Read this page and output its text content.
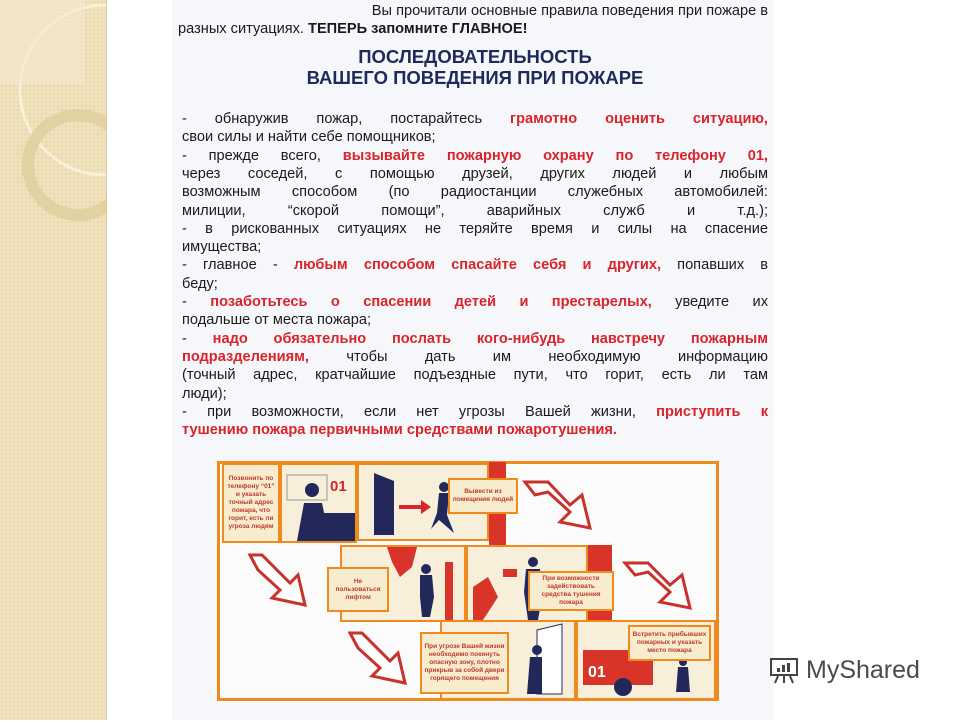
Вы прочитали основные правила поведения при пожаре в
разных ситуациях. ТЕПЕРЬ запомните ГЛАВНОЕ!
ПОСЛЕДОВАТЕЛЬНОСТЬ
ВАШЕГО ПОВЕДЕНИЯ ПРИ ПОЖАРЕ
- обнаружив пожар, постарайтесь грамотно оценить ситуацию,
свои силы и найти себе помощников;
- прежде всего, вызывайте пожарную охрану по телефону 01,
через соседей, с помощью друзей, других людей и любым
возможным способом (по радиостанции служебных автомобилей:
милиции, “скорой помощи”, аварийных служб и т.д.);
- в рискованных ситуациях не теряйте время и силы на спасение
имущества;
- главное - любым способом спасайте себя и других, попавших в
беду;
- позаботьтесь о спасении детей и престарелых, уведите их
подальше от места пожара;
- надо обязательно послать кого-нибудь навстречу пожарным
подразделениям, чтобы дать им необходимую информацию
(точный адрес, кратчайшие подъездные пути, что горит, есть ли там
люди);
- при возможности, если нет угрозы Вашей жизни, приступить к
тушению пожара первичными средствами пожаротушения.
01
01
Позвонить по телефону “01” и указать точный адрес пожара, что горит, есть ли угроза людям
Вывести из помещения людей
Не пользоваться лифтом
При возможности задействовать средства тушения пожара
При угрозе Вашей жизни необходимо покинуть опасную зону, плотно прикрыв за собой двери горящего помещения
Встретить прибывших пожарных и указать место пожара
MyShared
